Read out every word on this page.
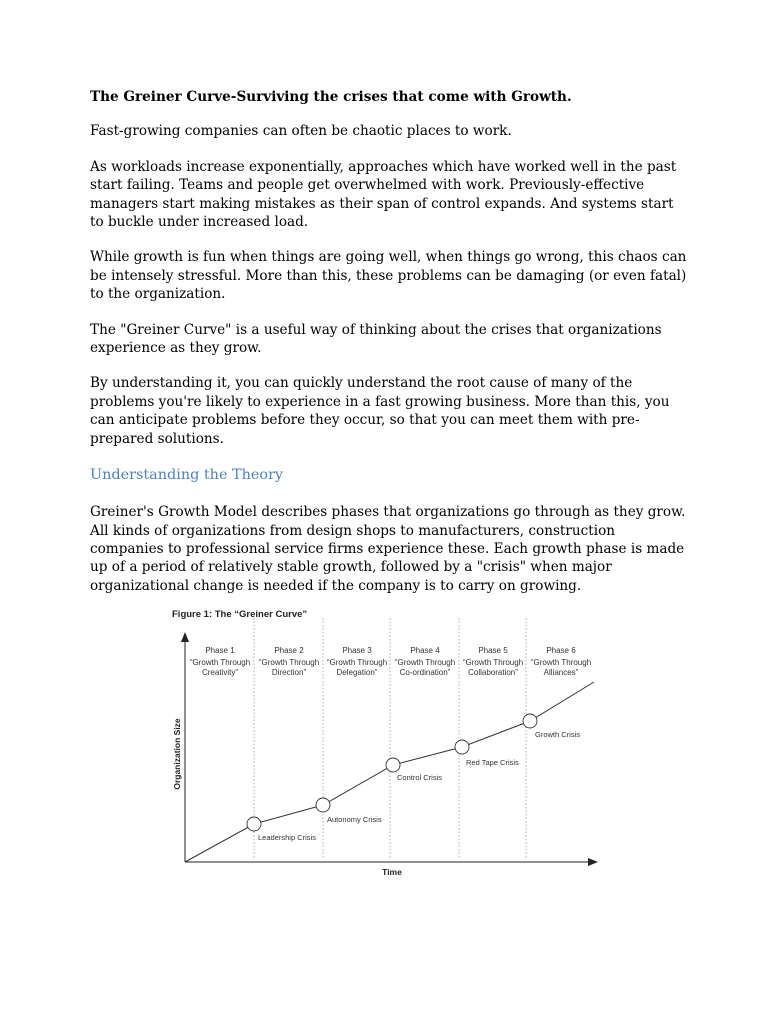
The Greiner Curve-Surviving the crises that come with Growth.

Fast-growing companies can often be chaotic places to work.

As workloads increase exponentially, approaches which have worked well in the past start failing. Teams and people get overwhelmed with work. Previously-effective managers start making mistakes as their span of control expands. And systems start to buckle under increased load.

While growth is fun when things are going well, when things go wrong, this chaos can be intensely stressful. More than this, these problems can be damaging (or even fatal) to the organization.

The "Greiner Curve" is a useful way of thinking about the crises that organizations experience as they grow.

By understanding it, you can quickly understand the root cause of many of the problems you're likely to experience in a fast growing business. More than this, you can anticipate problems before they occur, so that you can meet them with pre-prepared solutions.

Understanding the Theory

Greiner's Growth Model describes phases that organizations go through as they grow. All kinds of organizations from design shops to manufacturers, construction companies to professional service firms experience these. Each growth phase is made up of a period of relatively stable growth, followed by a "crisis" when major organizational change is needed if the company is to carry on growing.

Figure 1: The “Greiner Curve”
Phase 1
“Growth Through
Creativity”
Phase 2
“Growth Through
Direction”
Phase 3
“Growth Through
Delegation”
Phase 4
“Growth Through
Co-ordination”
Phase 5
“Growth Through
Collaboration”
Phase 6
“Growth Through
Alliances”
Organization Size
Time
Leadership Crisis
Autonomy Crisis
Control Crisis
Red Tape Crisis
Growth Crisis
